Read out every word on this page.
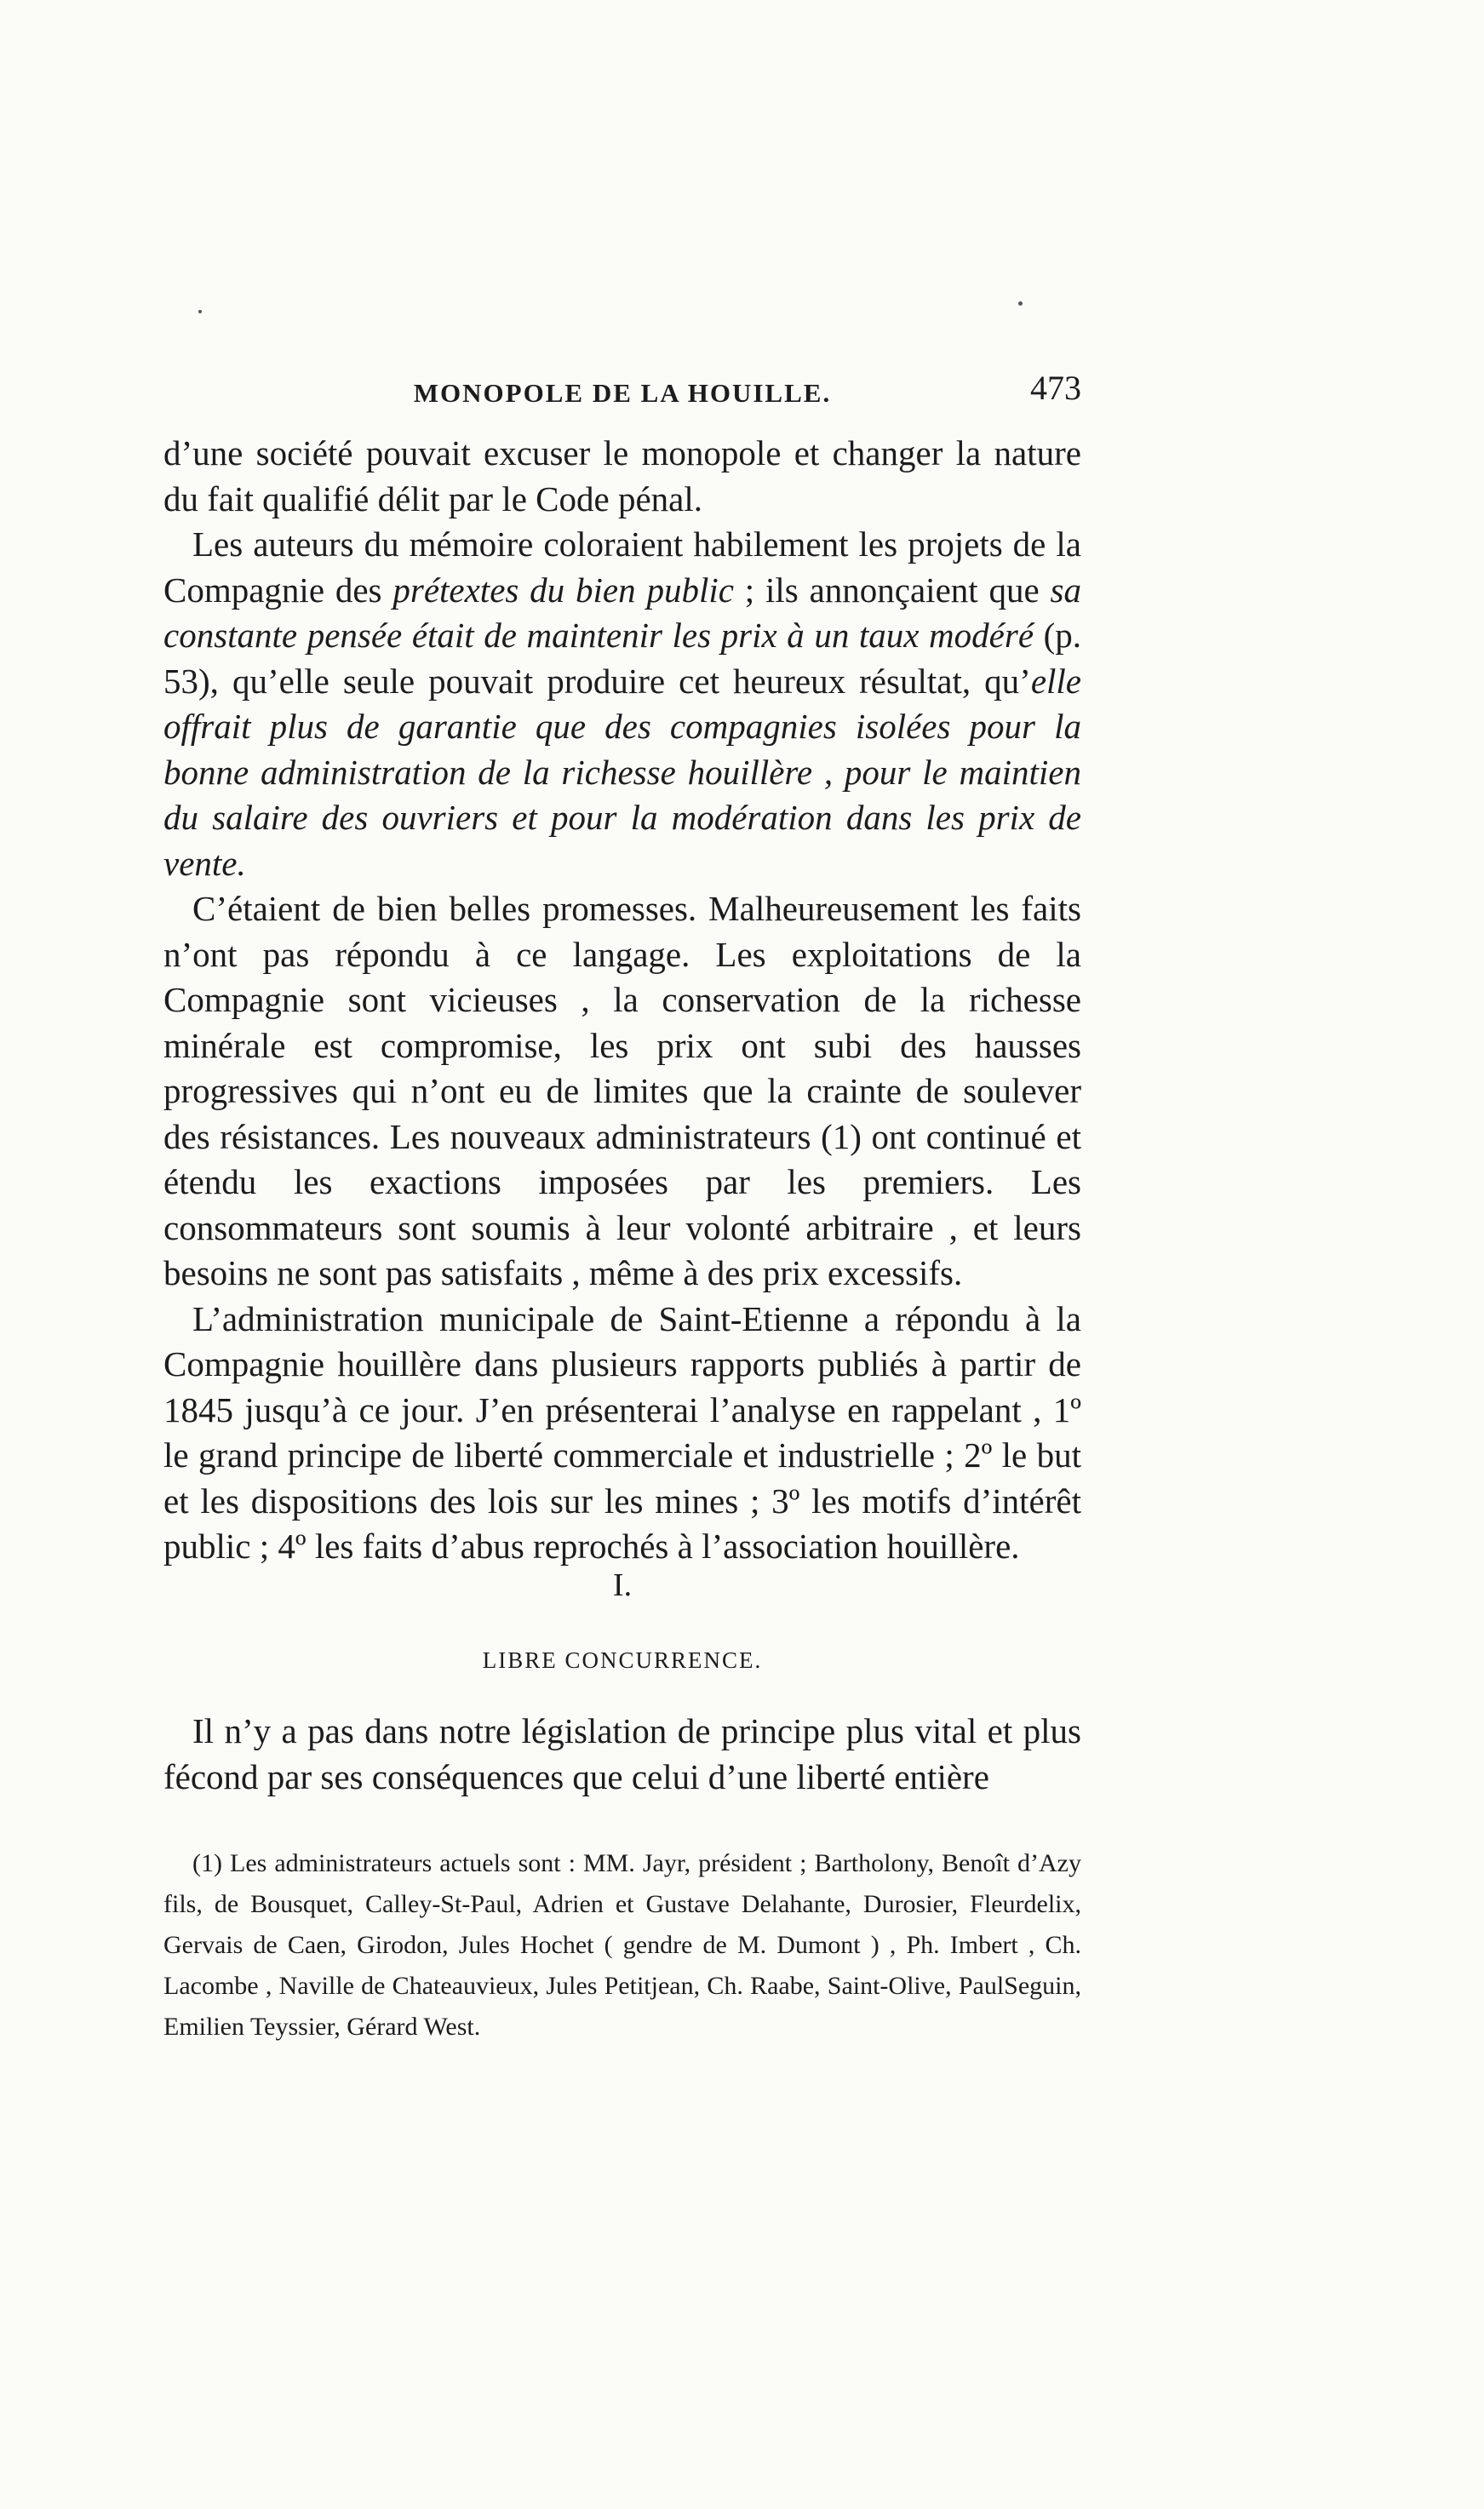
MONOPOLE DE LA HOUILLE.	473

d’une société pouvait excuser le monopole et changer la nature du fait qualifié délit par le Code pénal.

Les auteurs du mémoire coloraient habilement les projets de la Compagnie des prétextes du bien public ; ils annonçaient que sa constante pensée était de maintenir les prix à un taux modéré (p. 53), qu’elle seule pouvait produire cet heureux résultat, qu’elle offrait plus de garantie que des compagnies isolées pour la bonne administration de la richesse houillère , pour le maintien du salaire des ouvriers et pour la modération dans les prix de vente.

C’étaient de bien belles promesses. Malheureusement les faits n’ont pas répondu à ce langage. Les exploitations de la Compagnie sont vicieuses , la conservation de la richesse minérale est compromise, les prix ont subi des hausses progressives qui n’ont eu de limites que la crainte de soulever des résistances. Les nouveaux administrateurs (1) ont continué et étendu les exactions imposées par les premiers. Les consommateurs sont soumis à leur volonté arbitraire , et leurs besoins ne sont pas satisfaits , même à des prix excessifs.

L’administration municipale de Saint-Etienne a répondu à la Compagnie houillère dans plusieurs rapports publiés à partir de 1845 jusqu’à ce jour. J’en présenterai l’analyse en rappelant , 1º le grand principe de liberté commerciale et industrielle ; 2º le but et les dispositions des lois sur les mines ; 3º les motifs d’intérêt public ; 4º les faits d’abus reprochés à l’association houillère.

I.
LIBRE CONCURRENCE.

Il n’y a pas dans notre législation de principe plus vital et plus fécond par ses conséquences que celui d’une liberté entière

(1) Les administrateurs actuels sont : MM. Jayr, président ; Bartholony, Benoît d’Azy fils, de Bousquet, Calley-St-Paul, Adrien et Gustave Delahante, Durosier, Fleurdelix, Gervais de Caen, Girodon, Jules Hochet ( gendre de M. Dumont ) , Ph. Imbert , Ch. Lacombe , Naville de Chateauvieux, Jules Petitjean, Ch. Raabe, Saint-Olive, PaulSeguin, Emilien Teyssier, Gérard West.
